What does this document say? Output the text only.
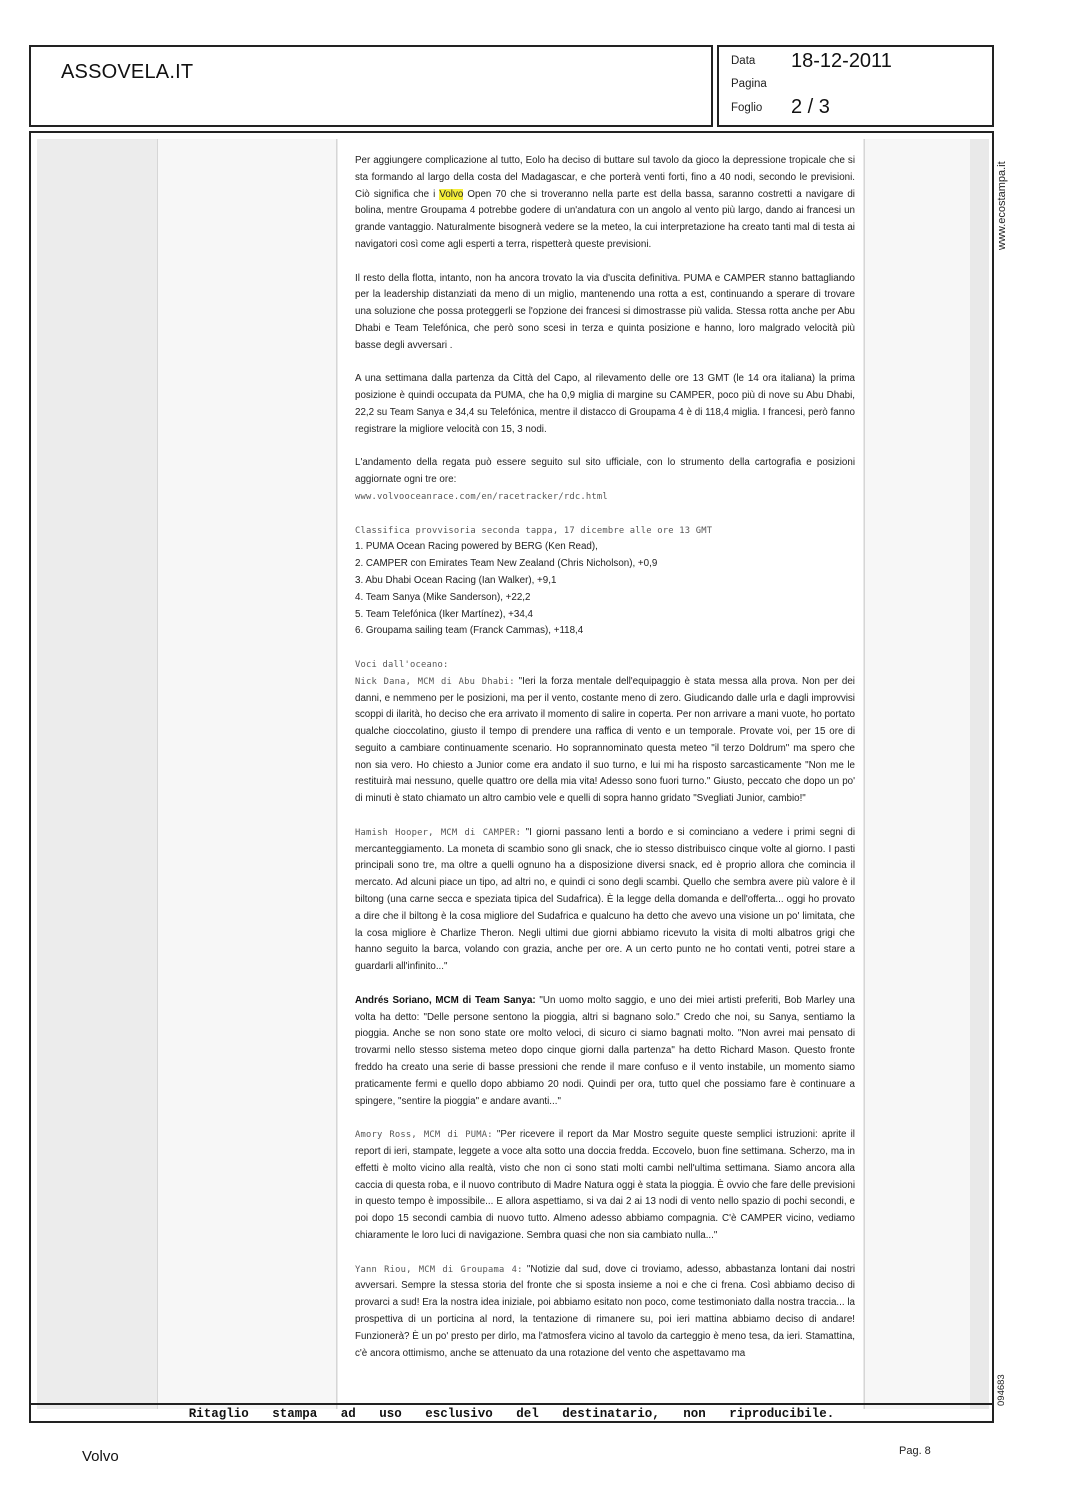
ASSOVELA.IT	Data 18-12-2011
Pagina
Foglio 2 / 3

Per aggiungere complicazione al tutto, Eolo ha deciso di buttare sul tavolo da gioco la depressione tropicale che si sta formando al largo della costa del Madagascar, e che porterà venti forti, fino a 40 nodi, secondo le previsioni. Ciò significa che i Volvo Open 70 che si troveranno nella parte est della bassa, saranno costretti a navigare di bolina, mentre Groupama 4 potrebbe godere di un'andatura con un angolo al vento più largo, dando ai francesi un grande vantaggio. Naturalmente bisognerà vedere se la meteo, la cui interpretazione ha creato tanti mal di testa ai navigatori così come agli esperti a terra, rispetterà queste previsioni.

Il resto della flotta, intanto, non ha ancora trovato la via d'uscita definitiva. PUMA e CAMPER stanno battagliando per la leadership distanziati da meno di un miglio, mantenendo una rotta a est, continuando a sperare di trovare una soluzione che possa proteggerli se l'opzione dei francesi si dimostrasse più valida. Stessa rotta anche per Abu Dhabi e Team Telefónica, che però sono scesi in terza e quinta posizione e hanno, loro malgrado velocità più basse degli avversari .

A una settimana dalla partenza da Città del Capo, al rilevamento delle ore 13 GMT (le 14 ora italiana) la prima posizione è quindi occupata da PUMA, che ha 0,9 miglia di margine su CAMPER, poco più di nove su Abu Dhabi, 22,2 su Team Sanya e 34,4 su Telefónica, mentre il distacco di Groupama 4 è di 118,4 miglia. I francesi, però fanno registrare la migliore velocità con 15, 3 nodi.

L'andamento della regata può essere seguito sul sito ufficiale, con lo strumento della cartografia e posizioni aggiornate ogni tre ore:
www.volvooceanrace.com/en/racetracker/rdc.html

Classifica provvisoria seconda tappa, 17 dicembre alle ore 13 GMT
1. PUMA Ocean Racing powered by BERG (Ken Read),
2. CAMPER con Emirates Team New Zealand (Chris Nicholson), +0,9
3. Abu Dhabi Ocean Racing (Ian Walker), +9,1
4. Team Sanya (Mike Sanderson), +22,2
5. Team Telefónica (Iker Martínez), +34,4
6. Groupama sailing team (Franck Cammas), +118,4

Voci dall'oceano:
Nick Dana, MCM di Abu Dhabi: "Ieri la forza mentale dell'equipaggio è stata messa alla prova. Non per dei danni, e nemmeno per le posizioni, ma per il vento, costante meno di zero. Giudicando dalle urla e dagli improvvisi scoppi di ilarità, ho deciso che era arrivato il momento di salire in coperta. Per non arrivare a mani vuote, ho portato qualche cioccolatino, giusto il tempo di prendere una raffica di vento e un temporale. Provate voi, per 15 ore di seguito a cambiare continuamente scenario. Ho soprannominato questa meteo "il terzo Doldrum" ma spero che non sia vero. Ho chiesto a Junior come era andato il suo turno, e lui mi ha risposto sarcasticamente "Non me le restituirà mai nessuno, quelle quattro ore della mia vita! Adesso sono fuori turno." Giusto, peccato che dopo un po' di minuti è stato chiamato un altro cambio vele e quelli di sopra hanno gridato "Svegliati Junior, cambio!"

Hamish Hooper, MCM di CAMPER: "I giorni passano lenti a bordo e si cominciano a vedere i primi segni di mercanteggiamento. La moneta di scambio sono gli snack, che io stesso distribuisco cinque volte al giorno. I pasti principali sono tre, ma oltre a quelli ognuno ha a disposizione diversi snack, ed è proprio allora che comincia il mercato. Ad alcuni piace un tipo, ad altri no, e quindi ci sono degli scambi. Quello che sembra avere più valore è il biltong (una carne secca e speziata tipica del Sudafrica). È la legge della domanda e dell'offerta... oggi ho provato a dire che il biltong è la cosa migliore del Sudafrica e qualcuno ha detto che avevo una visione un po' limitata, che la cosa migliore è Charlize Theron. Negli ultimi due giorni abbiamo ricevuto la visita di molti albatros grigi che hanno seguito la barca, volando con grazia, anche per ore. A un certo punto ne ho contati venti, potrei stare a guardarli all'infinito..."

Andrés Soriano, MCM di Team Sanya: "Un uomo molto saggio, e uno dei miei artisti preferiti, Bob Marley una volta ha detto: "Delle persone sentono la pioggia, altri si bagnano solo." Credo che noi, su Sanya, sentiamo la pioggia. Anche se non sono state ore molto veloci, di sicuro ci siamo bagnati molto. "Non avrei mai pensato di trovarmi nello stesso sistema meteo dopo cinque giorni dalla partenza" ha detto Richard Mason. Questo fronte freddo ha creato una serie di basse pressioni che rende il mare confuso e il vento instabile, un momento siamo praticamente fermi e quello dopo abbiamo 20 nodi. Quindi per ora, tutto quel che possiamo fare è continuare a spingere, "sentire la pioggia" e andare avanti..."

Amory Ross, MCM di PUMA: "Per ricevere il report da Mar Mostro seguite queste semplici istruzioni: aprite il report di ieri, stampate, leggete a voce alta sotto una doccia fredda. Eccovelo, buon fine settimana. Scherzo, ma in effetti è molto vicino alla realtà, visto che non ci sono stati molti cambi nell'ultima settimana. Siamo ancora alla caccia di questa roba, e il nuovo contributo di Madre Natura oggi è stata la pioggia. È ovvio che fare delle previsioni in questo tempo è impossibile... E allora aspettiamo, si va dai 2 ai 13 nodi di vento nello spazio di pochi secondi, e poi dopo 15 secondi cambia di nuovo tutto. Almeno adesso abbiamo compagnia. C'è CAMPER vicino, vediamo chiaramente le loro luci di navigazione. Sembra quasi che non sia cambiato nulla..."

Yann Riou, MCM di Groupama 4: "Notizie dal sud, dove ci troviamo, adesso, abbastanza lontani dai nostri avversari. Sempre la stessa storia del fronte che si sposta insieme a noi e che ci frena. Così abbiamo deciso di provarci a sud! Era la nostra idea iniziale, poi abbiamo esitato non poco, come testimoniato dalla nostra traccia... la prospettiva di un porticina al nord, la tentazione di rimanere su, poi ieri mattina abbiamo deciso di andare! Funzionerà? È un po' presto per dirlo, ma l'atmosfera vicino al tavolo da carteggio è meno tesa, da ieri. Stamattina, c'è ancora ottimismo, anche se attenuato da una rotazione del vento che aspettavamo ma

Ritaglio stampa ad uso esclusivo del destinatario, non riproducibile.
www.ecostampa.it
094683
Volvo	Pag. 8
